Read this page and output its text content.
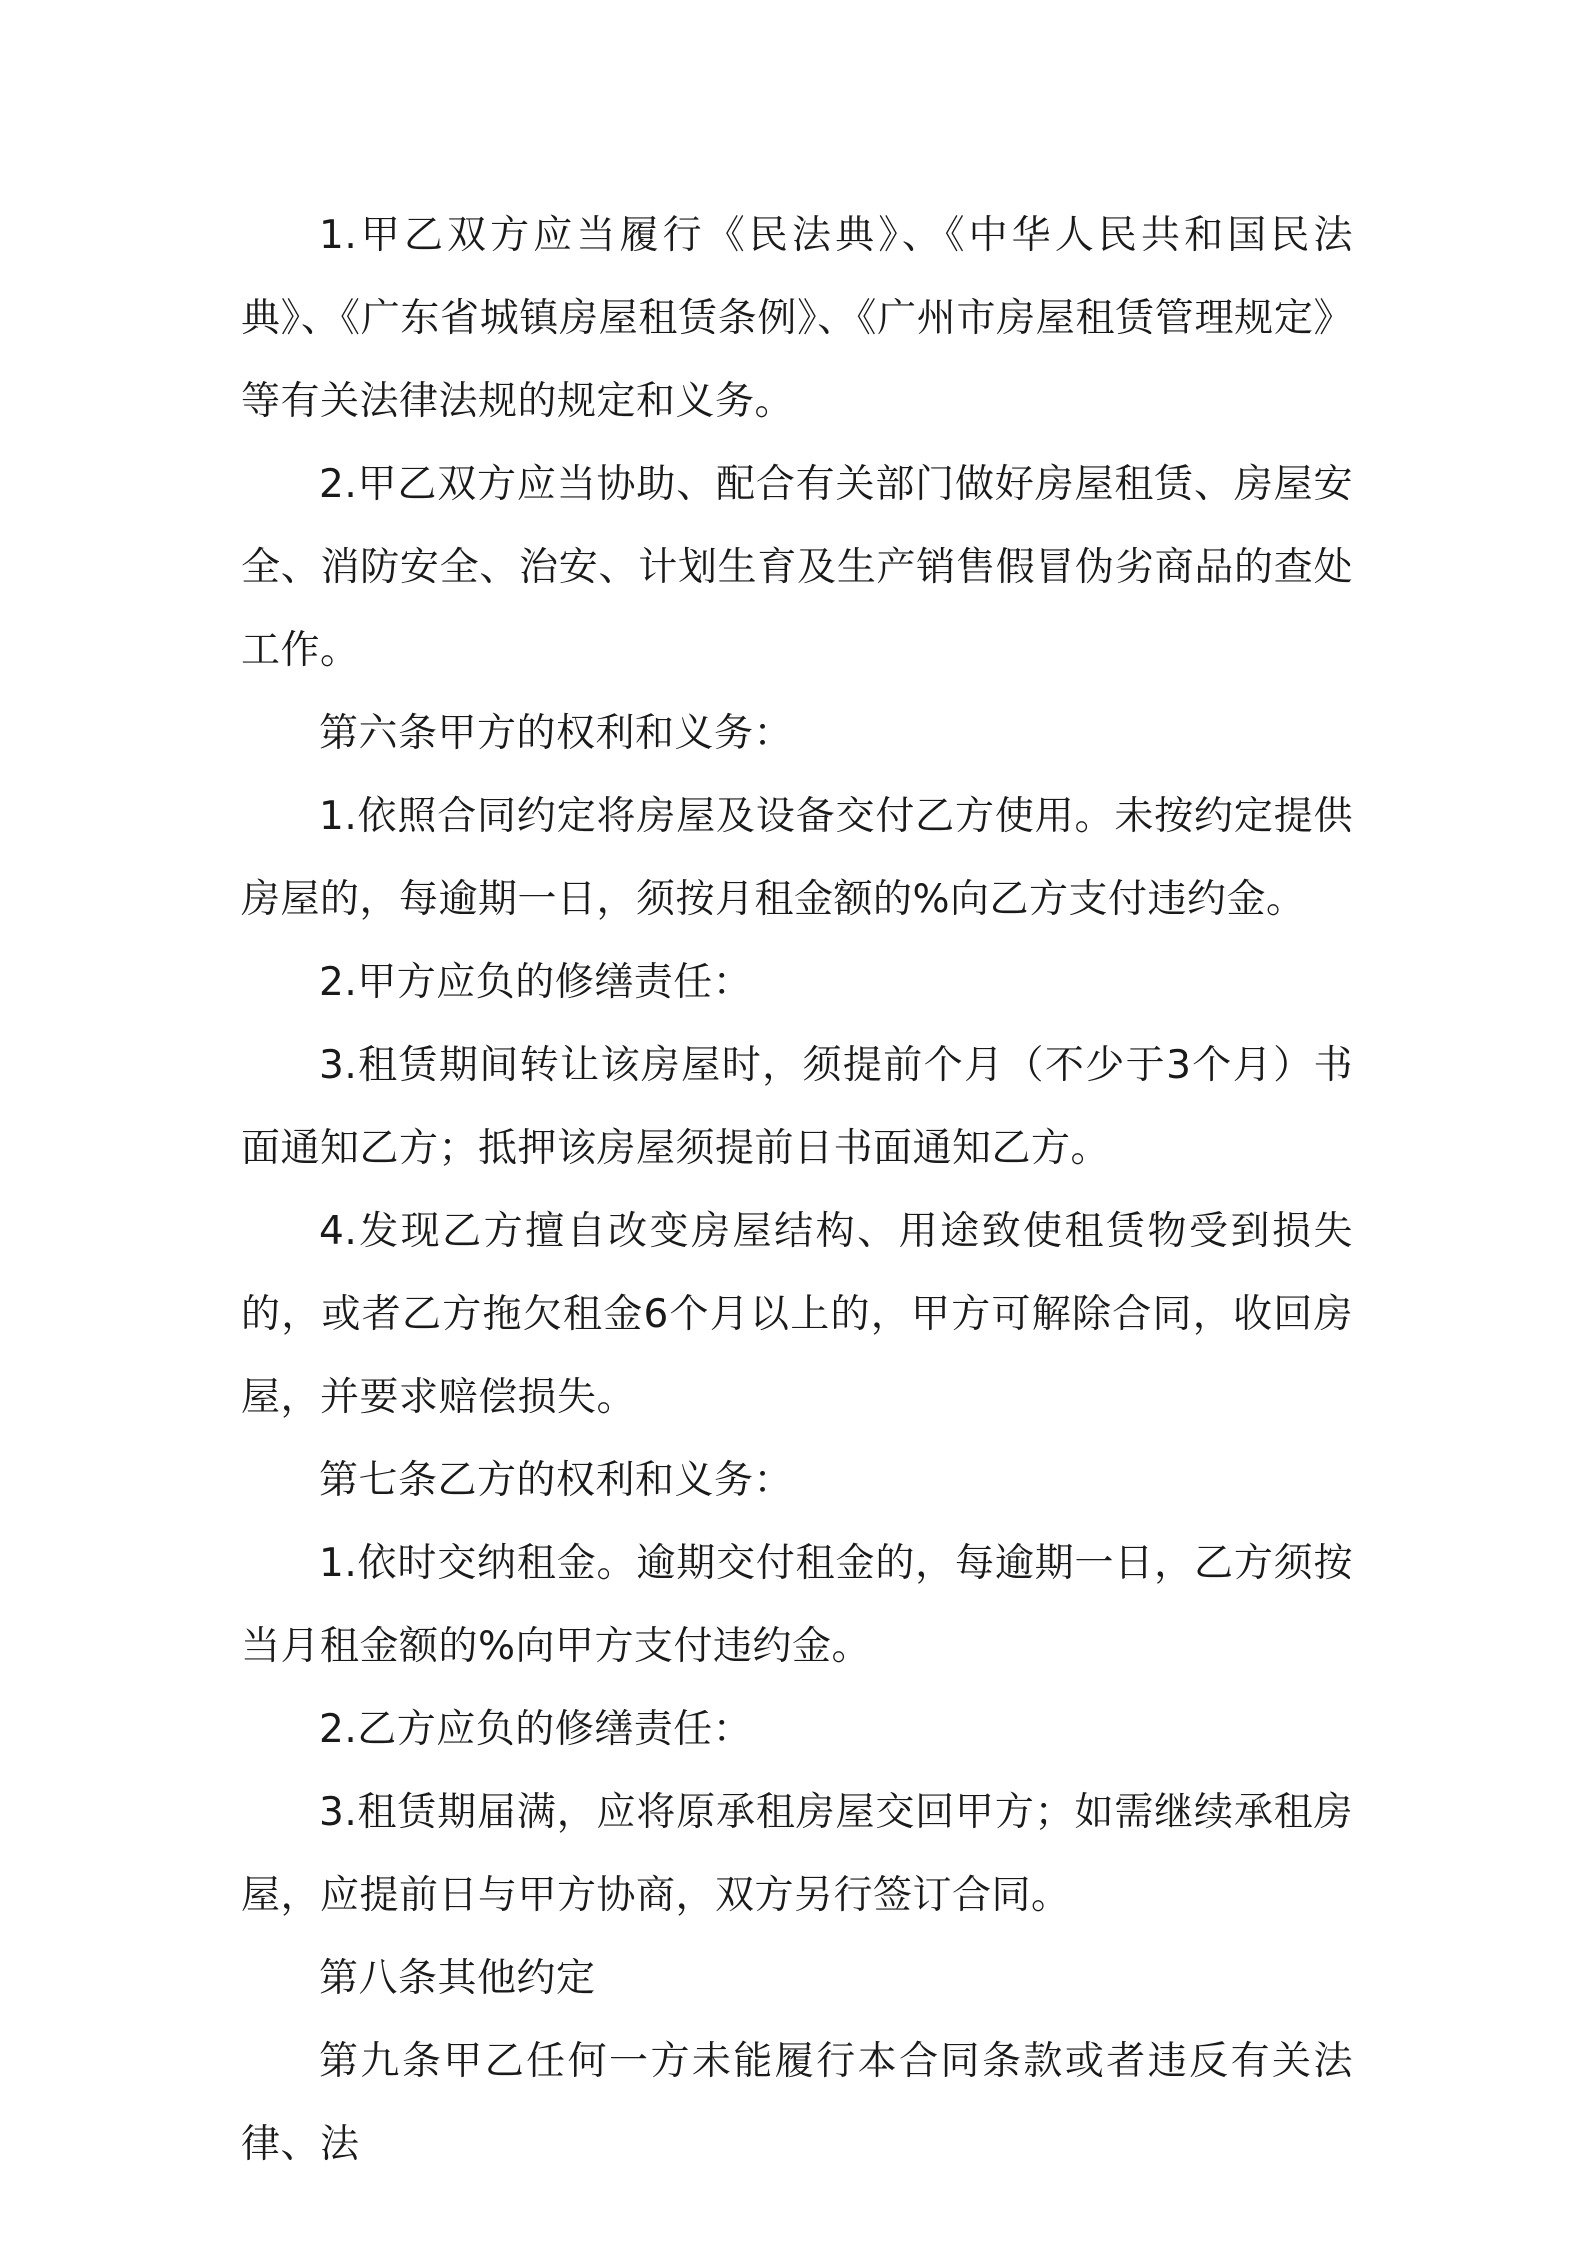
1.甲乙双方应当履行《民法典》、《中华人民共和国民法典》、《广东省城镇房屋租赁条例》、《广州市房屋租赁管理规定》等有关法律法规的规定和义务。

2.甲乙双方应当协助、配合有关部门做好房屋租赁、房屋安全、消防安全、治安、计划生育及生产销售假冒伪劣商品的查处工作。

第六条甲方的权利和义务：

1.依照合同约定将房屋及设备交付乙方使用。未按约定提供房屋的，每逾期一日，须按月租金额的%向乙方支付违约金。

2.甲方应负的修缮责任：

3.租赁期间转让该房屋时，须提前个月（不少于3个月）书面通知乙方；抵押该房屋须提前日书面通知乙方。

4.发现乙方擅自改变房屋结构、用途致使租赁物受到损失的，或者乙方拖欠租金6个月以上的，甲方可解除合同，收回房屋，并要求赔偿损失。

第七条乙方的权利和义务：

1.依时交纳租金。逾期交付租金的，每逾期一日，乙方须按当月租金额的%向甲方支付违约金。

2.乙方应负的修缮责任：

3.租赁期届满，应将原承租房屋交回甲方；如需继续承租房屋，应提前日与甲方协商，双方另行签订合同。

第八条其他约定

第九条甲乙任何一方未能履行本合同条款或者违反有关法律、法
